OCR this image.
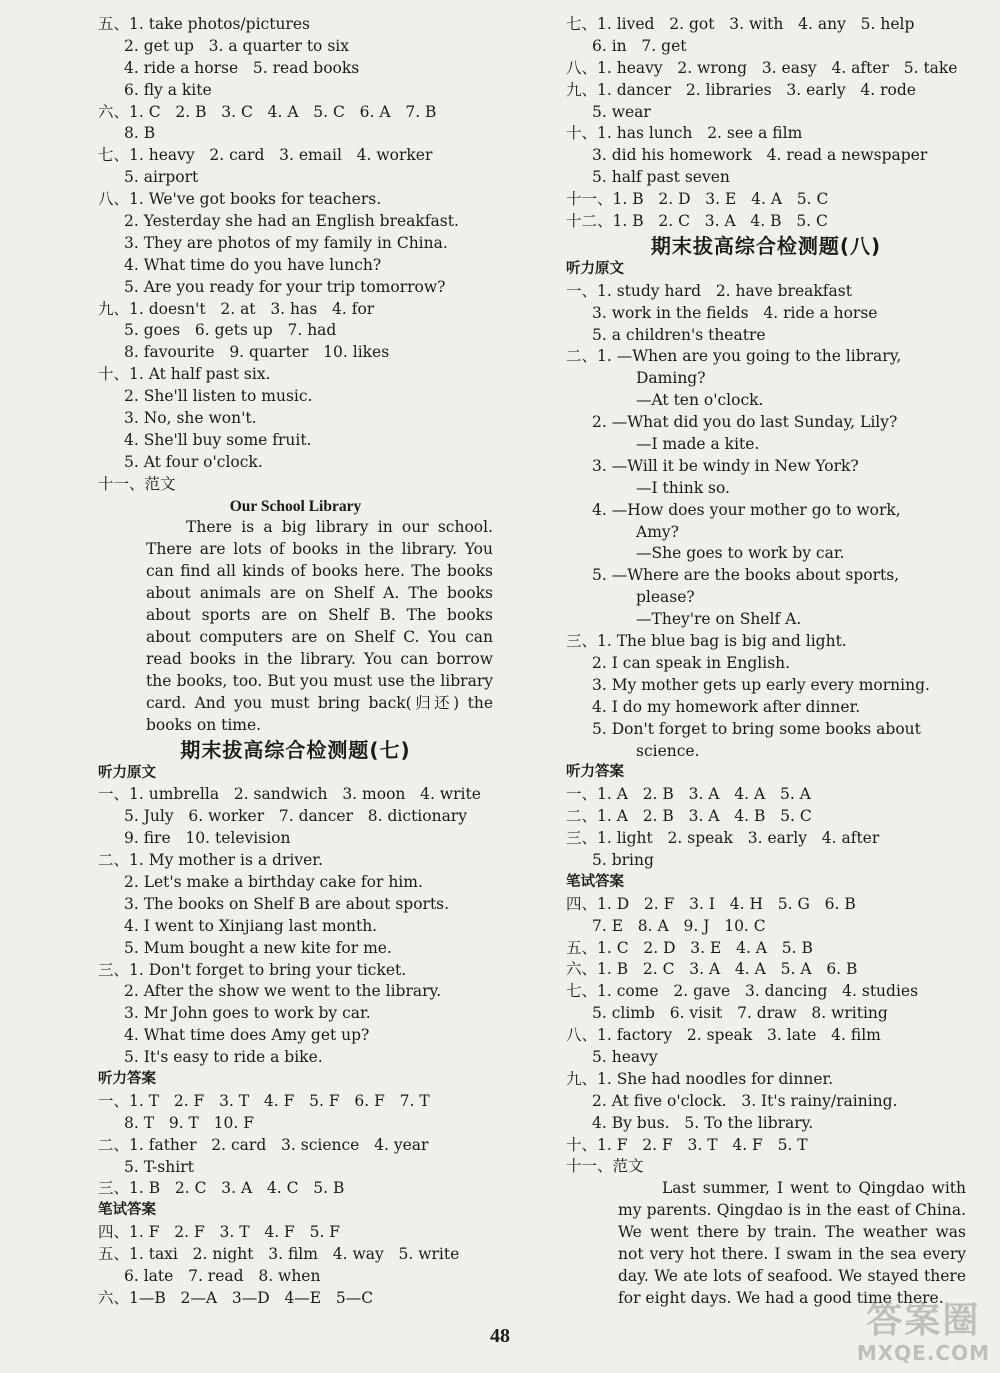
五、1. take photos/pictures
2. get up   3. a quarter to six
4. ride a horse   5. read books
6. fly a kite
六、1. C   2. B   3. C   4. A   5. C   6. A   7. B
8. B
七、1. heavy   2. card   3. email   4. worker
5. airport
八、1. We've got books for teachers.
2. Yesterday she had an English breakfast.
3. They are photos of my family in China.
4. What time do you have lunch?
5. Are you ready for your trip tomorrow?
九、1. doesn't   2. at   3. has   4. for
5. goes   6. gets up   7. had
8. favourite   9. quarter   10. likes
十、1. At half past six.
2. She'll listen to music.
3. No, she won't.
4. She'll buy some fruit.
5. At four o'clock.
十一、范文
Our School Library
There is a big library in our school. There are lots of books in the library. You can find all kinds of books here. The books about animals are on Shelf A. The books about sports are on Shelf B. The books about computers are on Shelf C. You can read books in the library. You can borrow the books, too. But you must use the library card. And you must bring back(归还) the books on time.
期末拔高综合检测题(七)
听力原文
一、1. umbrella   2. sandwich   3. moon   4. write
5. July   6. worker   7. dancer   8. dictionary
9. fire   10. television
二、1. My mother is a driver.
2. Let's make a birthday cake for him.
3. The books on Shelf B are about sports.
4. I went to Xinjiang last month.
5. Mum bought a new kite for me.
三、1. Don't forget to bring your ticket.
2. After the show we went to the library.
3. Mr John goes to work by car.
4. What time does Amy get up?
5. It's easy to ride a bike.
听力答案
一、1. T   2. F   3. T   4. F   5. F   6. F   7. T
8. T   9. T   10. F
二、1. father   2. card   3. science   4. year
5. T-shirt
三、1. B   2. C   3. A   4. C   5. B
笔试答案
四、1. F   2. F   3. T   4. F   5. F
五、1. taxi   2. night   3. film   4. way   5. write
6. late   7. read   8. when
六、1—B   2—A   3—D   4—E   5—C
七、1. lived   2. got   3. with   4. any   5. help
6. in   7. get
八、1. heavy   2. wrong   3. easy   4. after   5. take
九、1. dancer   2. libraries   3. early   4. rode
5. wear
十、1. has lunch   2. see a film
3. did his homework   4. read a newspaper
5. half past seven
十一、1. B   2. D   3. E   4. A   5. C
十二、1. B   2. C   3. A   4. B   5. C
期末拔高综合检测题(八)
听力原文
一、1. study hard   2. have breakfast
3. work in the fields   4. ride a horse
5. a children's theatre
二、1. —When are you going to the library,
Daming?
—At ten o'clock.
2. —What did you do last Sunday, Lily?
—I made a kite.
3. —Will it be windy in New York?
—I think so.
4. —How does your mother go to work,
Amy?
—She goes to work by car.
5. —Where are the books about sports,
please?
—They're on Shelf A.
三、1. The blue bag is big and light.
2. I can speak in English.
3. My mother gets up early every morning.
4. I do my homework after dinner.
5. Don't forget to bring some books about
science.
听力答案
一、1. A   2. B   3. A   4. A   5. A
二、1. A   2. B   3. A   4. B   5. C
三、1. light   2. speak   3. early   4. after
5. bring
笔试答案
四、1. D   2. F   3. I   4. H   5. G   6. B
7. E   8. A   9. J   10. C
五、1. C   2. D   3. E   4. A   5. B
六、1. B   2. C   3. A   4. A   5. A   6. B
七、1. come   2. gave   3. dancing   4. studies
5. climb   6. visit   7. draw   8. writing
八、1. factory   2. speak   3. late   4. film
5. heavy
九、1. She had noodles for dinner.
2. At five o'clock.   3. It's rainy/raining.
4. By bus.   5. To the library.
十、1. F   2. F   3. T   4. F   5. T
十一、范文
Last summer, I went to Qingdao with my parents. Qingdao is in the east of China. We went there by train. The weather was not very hot there. I swam in the sea every day. We ate lots of seafood. We stayed there for eight days. We had a good time there.
48	答案圈
MXQE.COM
